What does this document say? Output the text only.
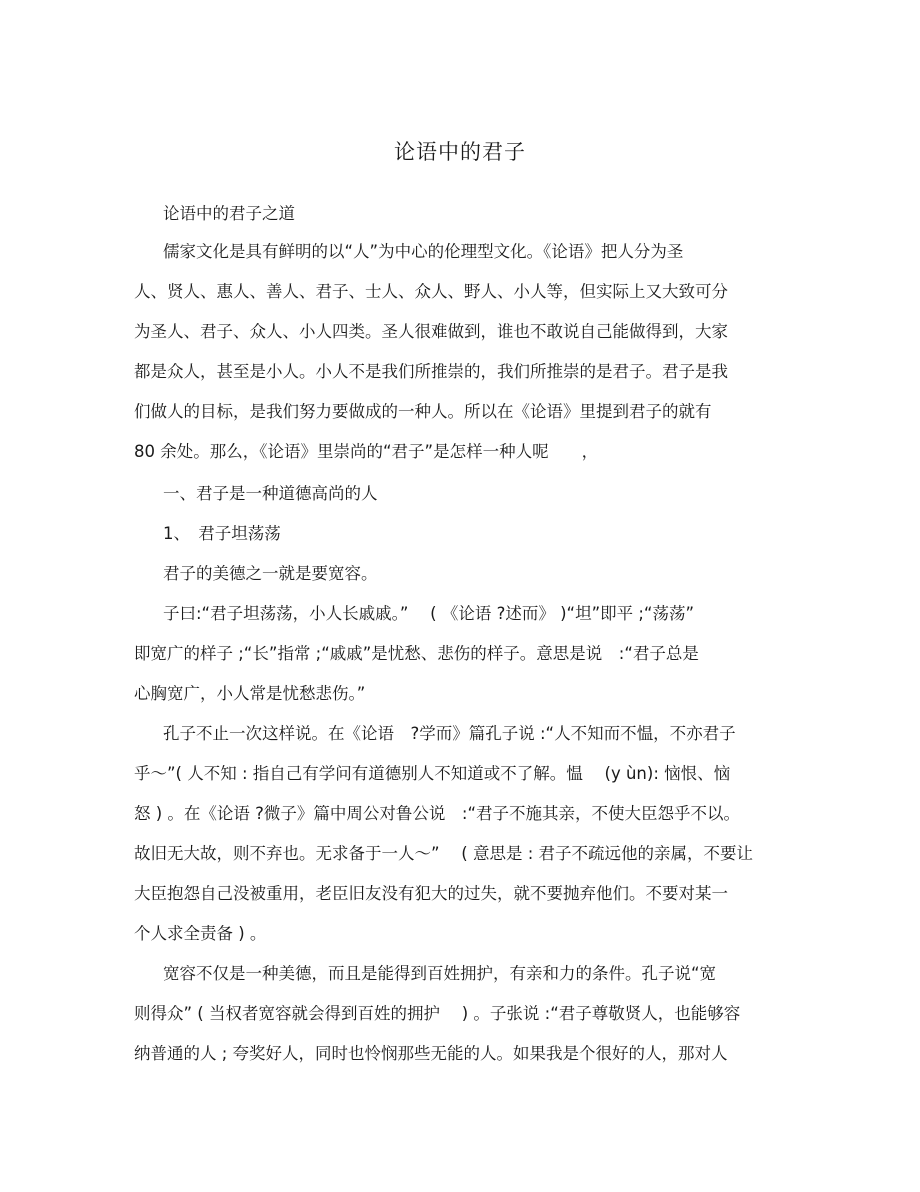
论语中的君子
论语中的君子之道
儒家文化是具有鲜明的以“人”为中心的伦理型文化。《论语》把人分为圣
人、贤人、惠人、善人、君子、士人、众人、野人、小人等，但实际上又大致可分
为圣人、君子、众人、小人四类。圣人很难做到，谁也不敢说自己能做得到，大家
都是众人，甚至是小人。小人不是我们所推崇的，我们所推崇的是君子。君子是我
们做人的目标，是我们努力要做成的一种人。所以在《论语》里提到君子的就有
80 余处。那么，《论语》里崇尚的“君子”是怎样一种人呢　　，
一、君子是一种道德高尚的人
1、　君子坦荡荡
君子的美德之一就是要宽容。
子曰:“君子坦荡荡，小人长戚戚。”　 ( 《论语 ?述而》 )“坦”即平 ;“荡荡”
即宽广的样子 ;“长”指常 ;“戚戚”是忧愁、悲伤的样子。意思是说　:“君子总是
心胸宽广，小人常是忧愁悲伤。”
孔子不止一次这样说。在《论语　?学而》篇孔子说 :“人不知而不愠，不亦君子
乎～”( 人不知 : 指自己有学问有道德别人不知道或不了解。愠　 (y ùn): 恼恨、恼
怒 ) 。在《论语 ?微子》篇中周公对鲁公说　:“君子不施其亲，不使大臣怨乎不以。
故旧无大故，则不弃也。无求备于一人～”　 ( 意思是 : 君子不疏远他的亲属，不要让
大臣抱怨自己没被重用，老臣旧友没有犯大的过失，就不要抛弃他们。不要对某一
个人求全责备 ) 。
宽容不仅是一种美德，而且是能得到百姓拥护，有亲和力的条件。孔子说“宽
则得众” ( 当权者宽容就会得到百姓的拥护　 ) 。子张说 :“君子尊敬贤人，也能够容
纳普通的人 ; 夸奖好人，同时也怜悯那些无能的人。如果我是个很好的人，那对人
